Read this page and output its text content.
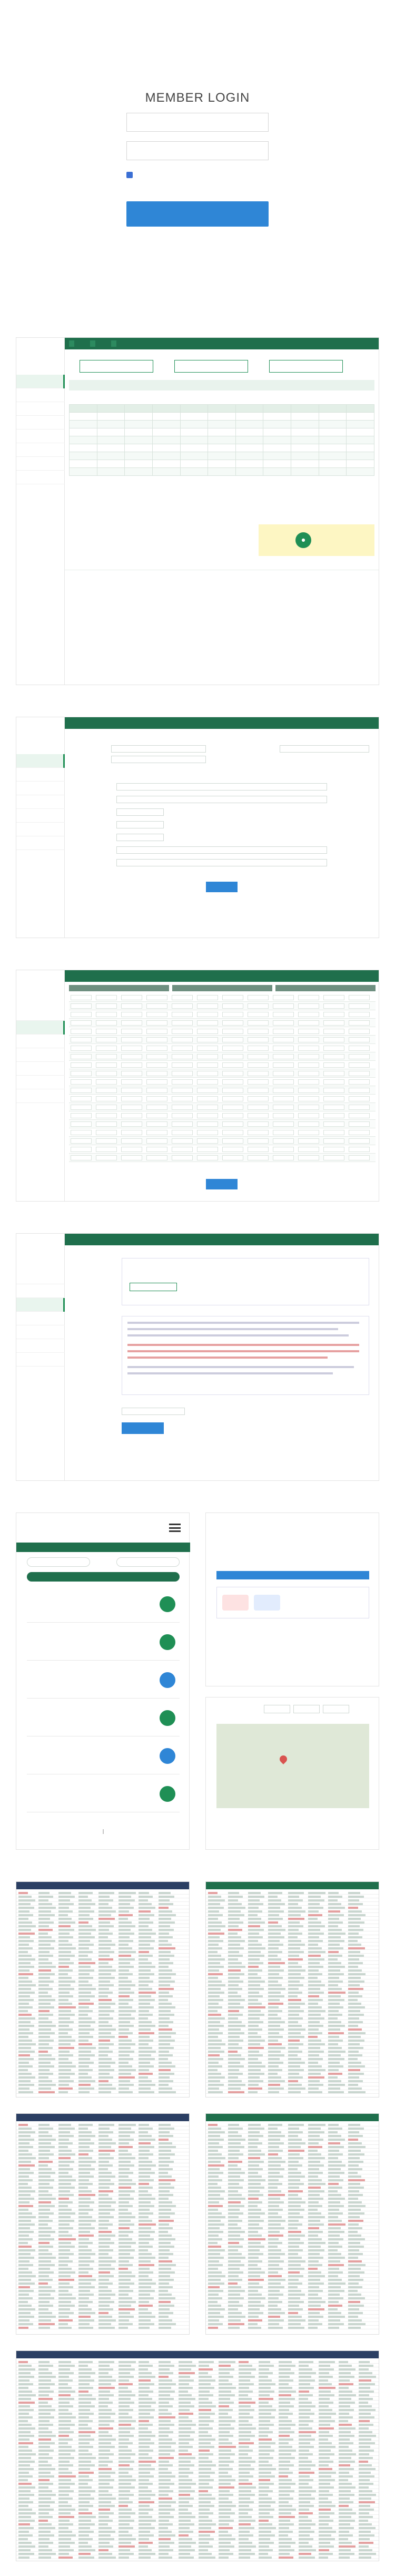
MEMBER LOGIN

●
|
